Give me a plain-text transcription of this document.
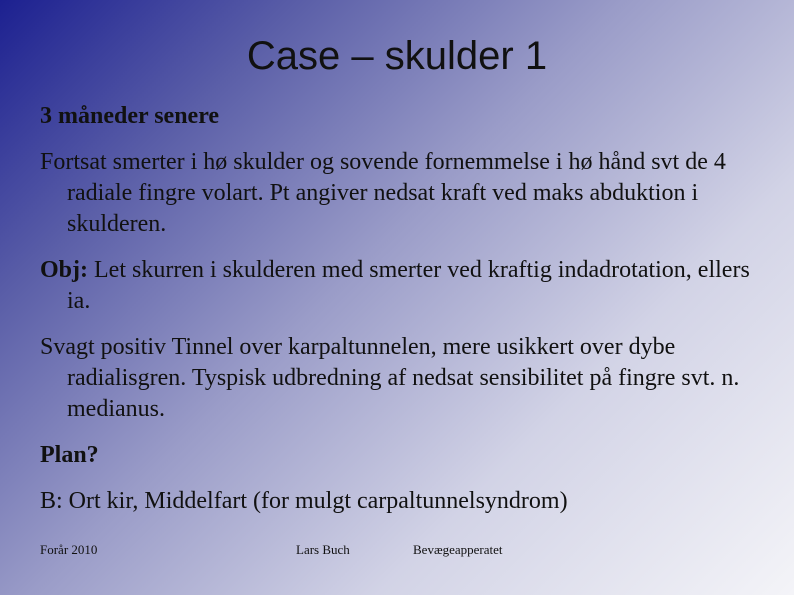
Case – skulder 1

3 måneder senere

Fortsat smerter i hø skulder og sovende fornemmelse i hø hånd svt de 4 radiale fingre volart. Pt angiver nedsat kraft ved maks abduktion i skulderen.

Obj: Let skurren i skulderen med smerter ved kraftig indadrotation, ellers ia.

Svagt positiv Tinnel over karpaltunnelen, mere usikkert over dybe radialisgren. Tyspisk udbredning af nedsat sensibilitet på fingre svt. n. medianus.

Plan?

B: Ort kir, Middelfart (for mulgt carpaltunnelsyndrom)

Forår 2010	Lars Buch	Bevægeapperatet
